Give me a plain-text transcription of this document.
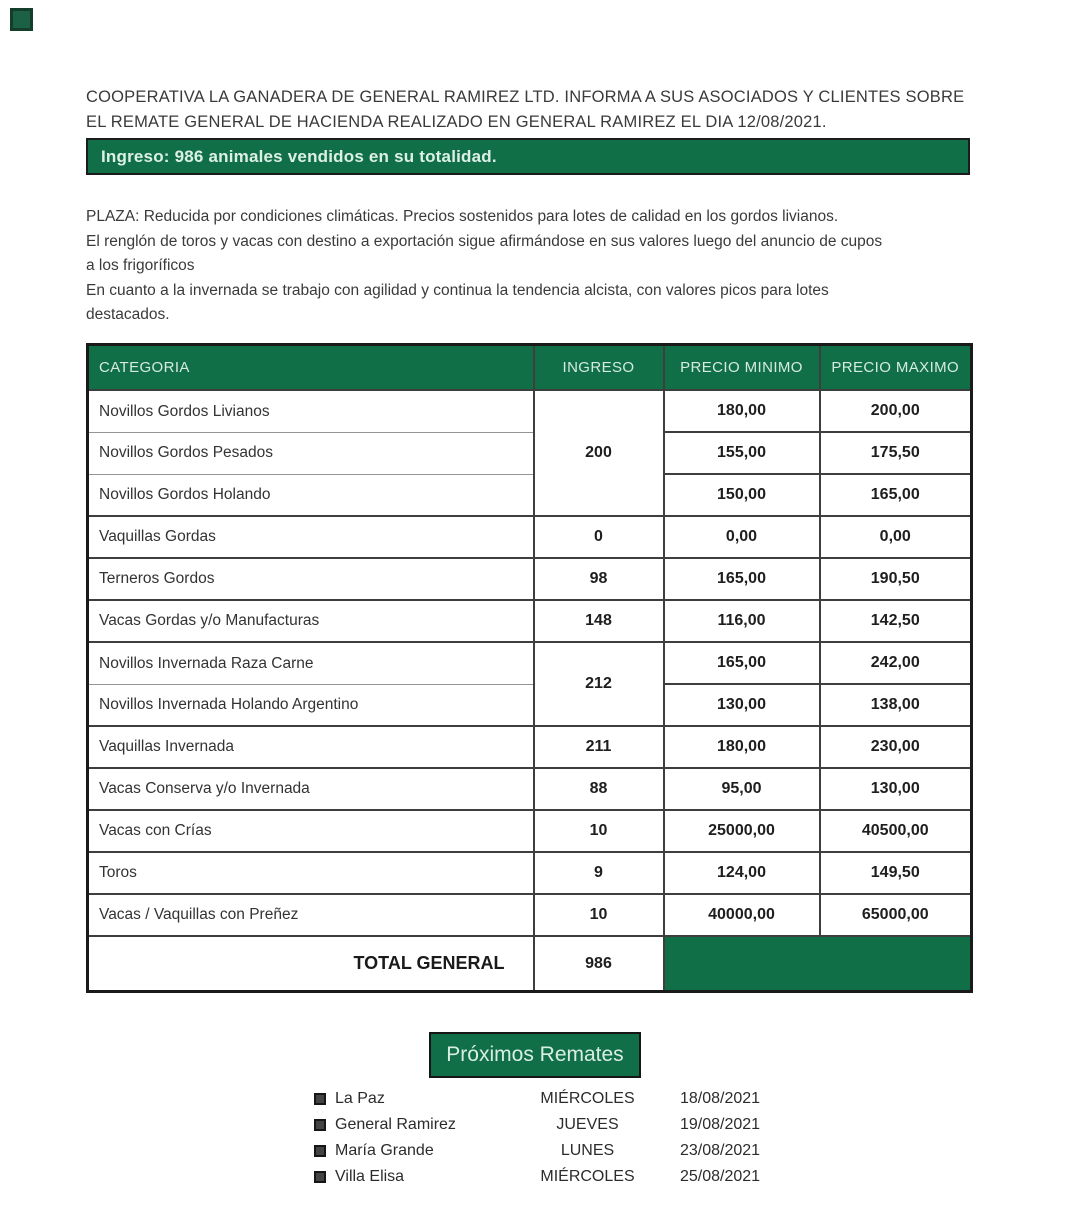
COOPERATIVA LA GANADERA DE GENERAL RAMIREZ LTD. INFORMA A SUS ASOCIADOS Y CLIENTES SOBRE
EL REMATE GENERAL DE HACIENDA REALIZADO EN GENERAL RAMIREZ EL DIA 12/08/2021.
Ingreso: 986 animales vendidos en su totalidad.
PLAZA: Reducida por condiciones climáticas. Precios sostenidos para lotes de calidad en los gordos livianos.
El renglón de toros y vacas con destino a exportación sigue afirmándose en sus valores luego del anuncio de cupos
a los frigoríficos
En cuanto a la invernada se trabajo con agilidad y continua la tendencia alcista, con valores picos para lotes
destacados.
CATEGORIA	INGRESO	PRECIO MINIMO	PRECIO MAXIMO
Novillos Gordos Livianos	200	180,00	200,00
Novillos Gordos Pesados		155,00	175,50
Novillos Gordos Holando		150,00	165,00
Vaquillas Gordas	0	0,00	0,00
Terneros Gordos	98	165,00	190,50
Vacas Gordas y/o Manufacturas	148	116,00	142,50
Novillos Invernada Raza Carne	212	165,00	242,00
Novillos Invernada Holando Argentino		130,00	138,00
Vaquillas Invernada	211	180,00	230,00
Vacas Conserva y/o Invernada	88	95,00	130,00
Vacas con Crías	10	25000,00	40500,00
Toros	9	124,00	149,50
Vacas / Vaquillas con Preñez	10	40000,00	65000,00
TOTAL GENERAL	986		
Próximos Remates
La Paz	MIÉRCOLES	18/08/2021
General Ramirez	JUEVES	19/08/2021
María Grande	LUNES	23/08/2021
Villa Elisa	MIÉRCOLES	25/08/2021
